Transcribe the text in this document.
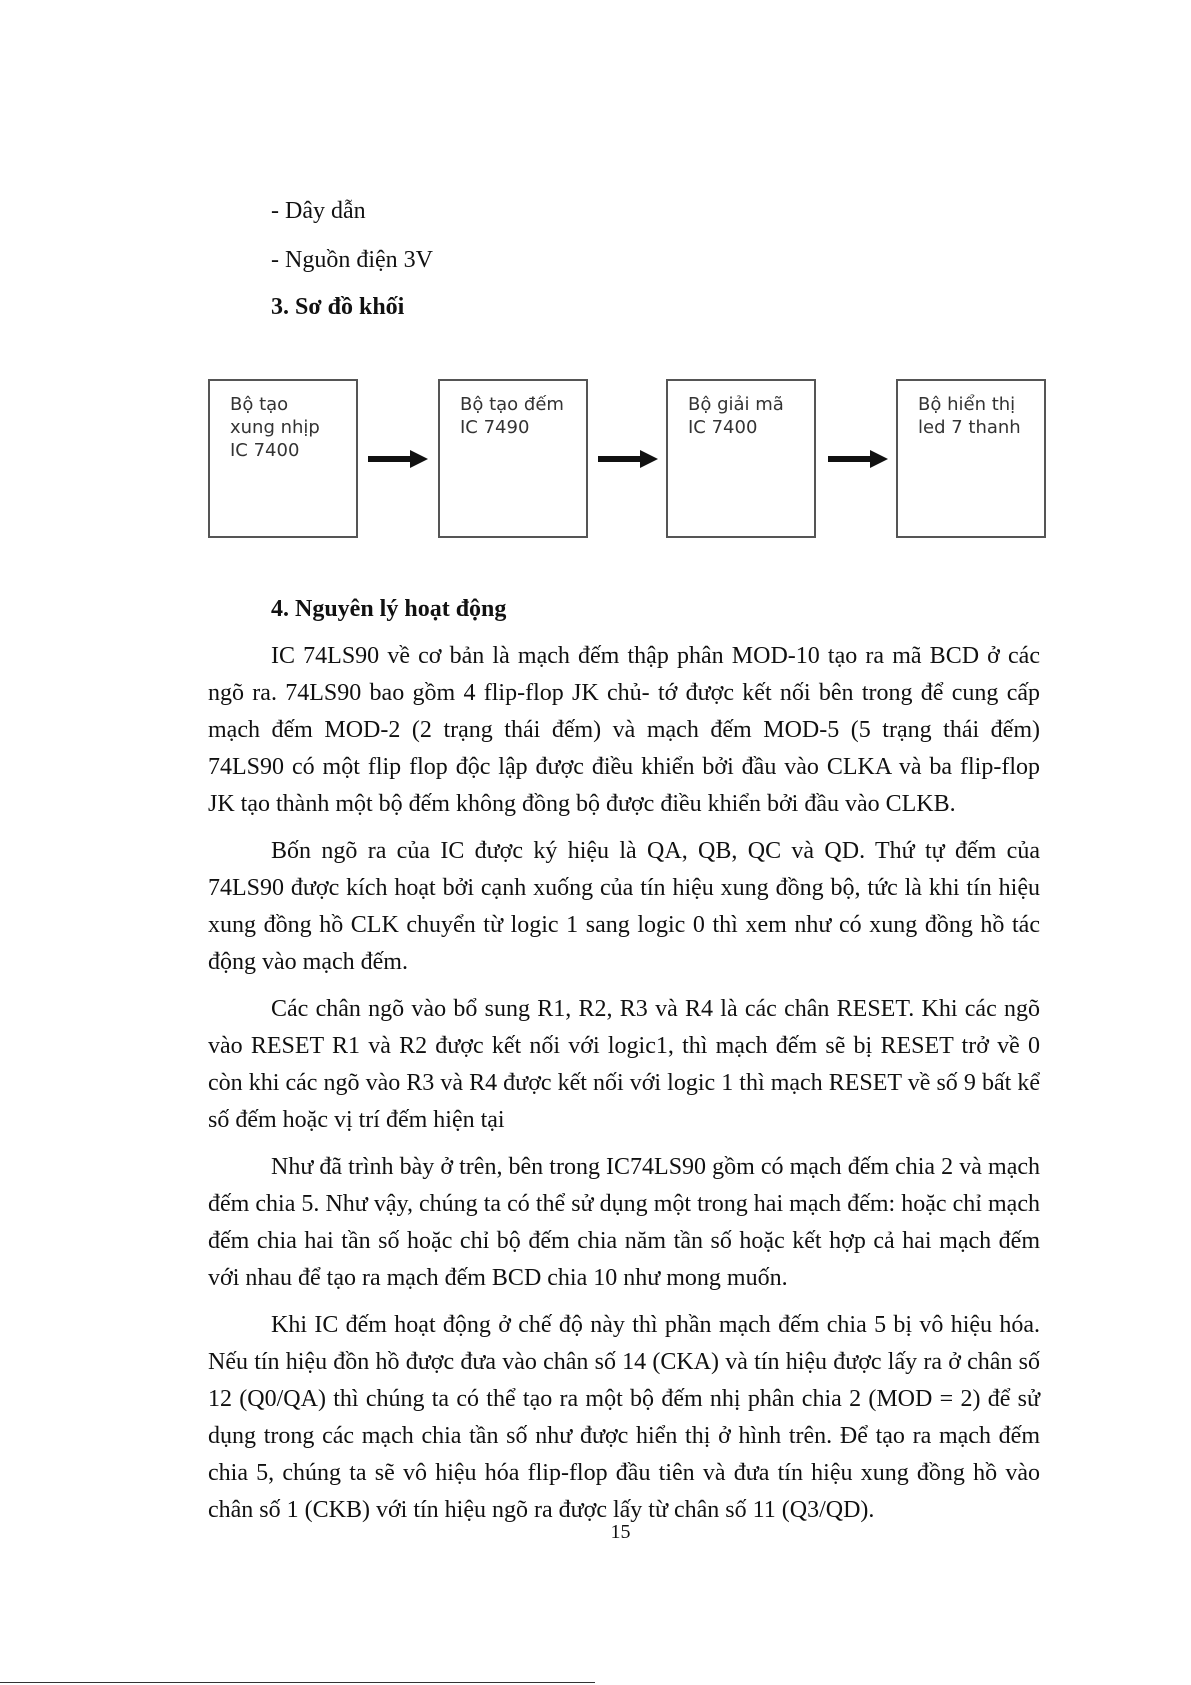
- Dây dẫn
- Nguồn điện 3V
3. Sơ đồ khối
Bộ tạo
xung nhịp
IC 7400
Bộ tạo đếm
IC 7490
Bộ giải mã
IC 7400
Bộ hiển thị
led 7 thanh
4. Nguyên lý hoạt động

IC 74LS90 về cơ bản là mạch đếm thập phân MOD-10 tạo ra mã BCD ở các ngõ ra. 74LS90 bao gồm 4 flip-flop JK chủ- tớ được kết nối bên trong để cung cấp mạch đếm MOD-2 (2 trạng thái đếm) và mạch đếm MOD-5 (5 trạng thái đếm) 74LS90 có một flip flop độc lập được điều khiển bởi đầu vào CLKA và ba flip-flop JK tạo thành một bộ đếm không đồng bộ được điều khiển bởi đầu vào CLKB.

Bốn ngõ ra của IC được ký hiệu là QA, QB, QC và QD. Thứ tự đếm của 74LS90 được kích hoạt bởi cạnh xuống của tín hiệu xung đồng bộ, tức là khi tín hiệu xung đồng hồ CLK chuyển từ logic 1 sang logic 0 thì xem như có xung đồng hồ tác động vào mạch đếm.

Các chân ngõ vào bổ sung R1, R2, R3 và R4 là các chân RESET. Khi các ngõ vào RESET R1 và R2 được kết nối với logic1, thì mạch đếm sẽ bị RESET trở về 0 còn khi các ngõ vào R3 và R4 được kết nối với logic 1 thì mạch RESET về số 9 bất kể số đếm hoặc vị trí đếm hiện tại

Như đã trình bày ở trên, bên trong IC74LS90 gồm có mạch đếm chia 2 và mạch đếm chia 5. Như vậy, chúng ta có thể sử dụng một trong hai mạch đếm: hoặc chỉ mạch đếm chia hai tần số hoặc chỉ bộ đếm chia năm tần số hoặc kết hợp cả hai mạch đếm với nhau để tạo ra mạch đếm BCD chia 10 như mong muốn.

Khi IC đếm hoạt động ở chế độ này thì phần mạch đếm chia 5 bị vô hiệu hóa. Nếu tín hiệu đồn hồ được đưa vào chân số 14 (CKA) và tín hiệu được lấy ra ở chân số 12 (Q0/QA) thì chúng ta có thể tạo ra một bộ đếm nhị phân chia 2 (MOD = 2) để sử dụng trong các mạch chia tần số như được hiển thị ở hình trên. Để tạo ra mạch đếm chia 5, chúng ta sẽ vô hiệu hóa flip-flop đầu tiên và đưa tín hiệu xung đồng hồ vào chân số 1 (CKB) với tín hiệu ngõ ra được lấy từ chân số 11 (Q3/QD).

15
